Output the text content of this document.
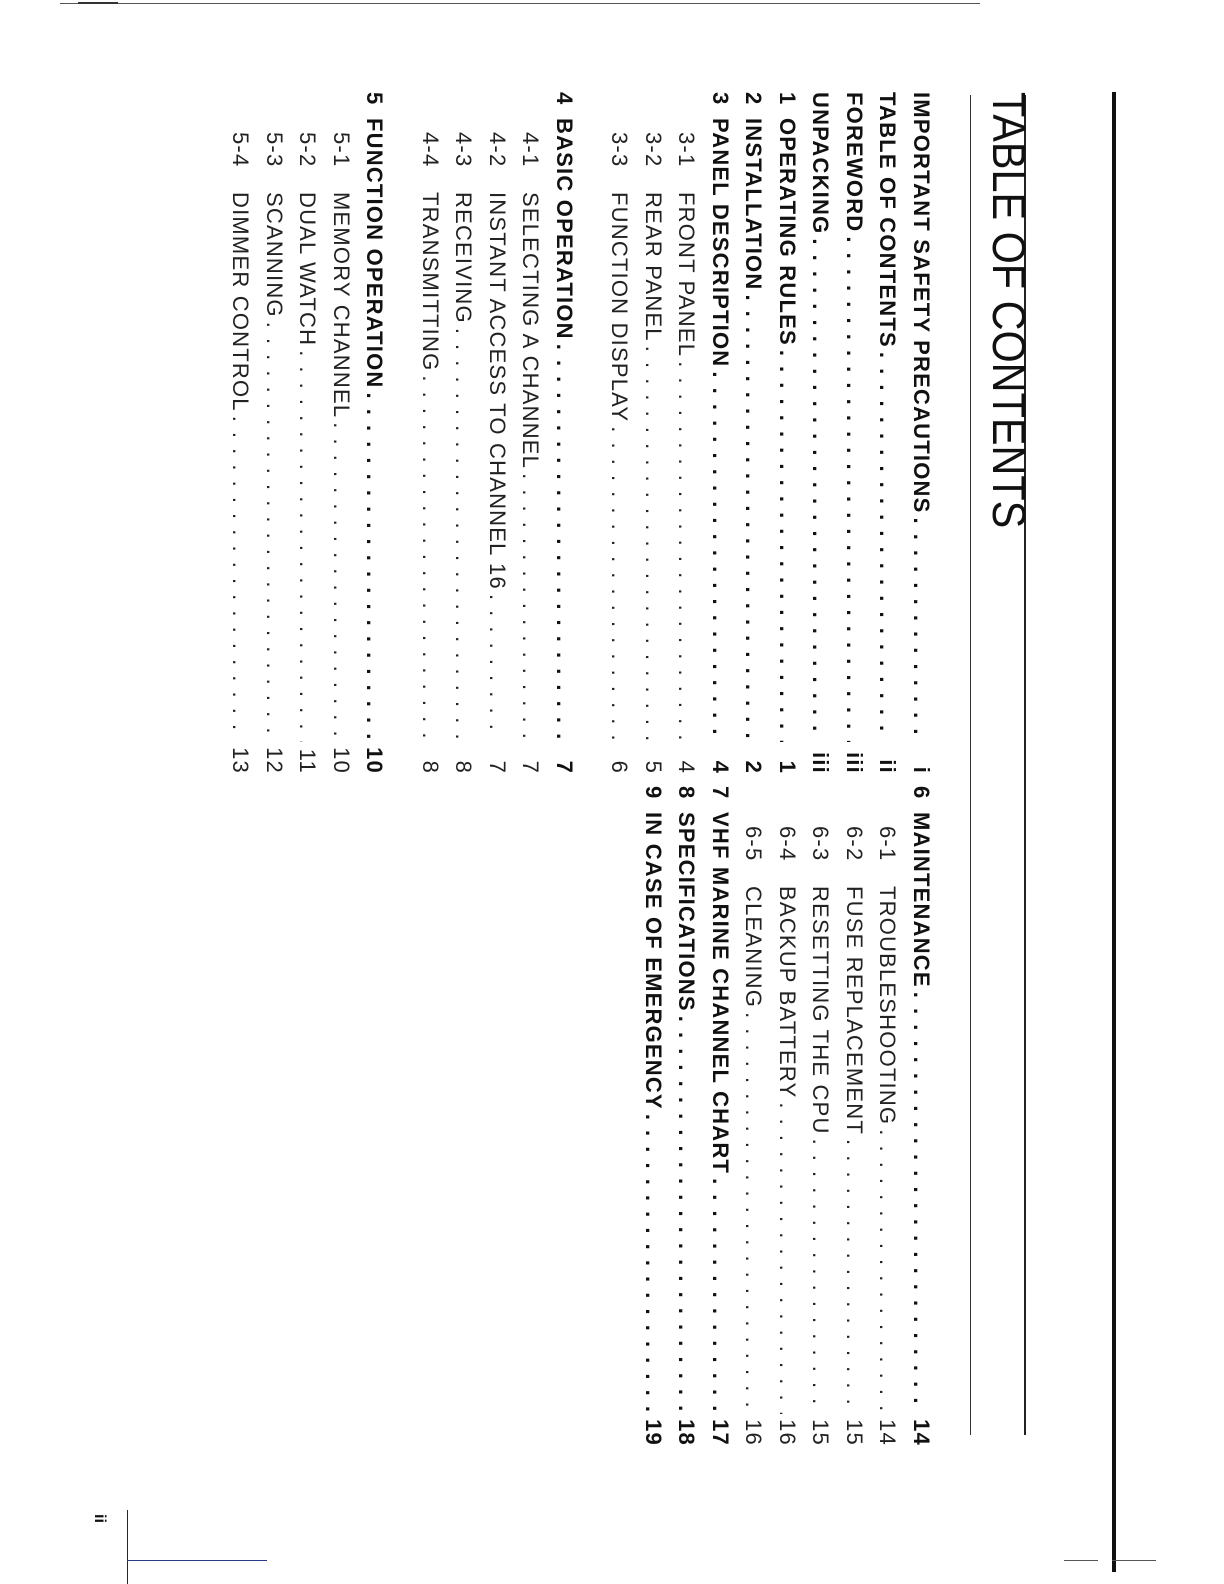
ii
TABLE OF CONTENTS
IMPORTANT SAFETY PRECAUTIONS
. . .
i
TABLE OF CONTENTS
. . .
ii
FOREWORD
. . .
iii
UNPACKING
. . .
iii
1
OPERATING RULES
. . .
1
2
INSTALLATION
. . .
2
3
PANEL DESCRIPTION
. . .
4
3-1
FRONT PANEL
. . .
4
3-2
REAR PANEL
. . .
5
3-3
FUNCTION DISPLAY
. . .
6
4
BASIC OPERATION
. . .
7
4-1
SELECTING A CHANNEL
. . .
7
4-2
INSTANT ACCESS TO CHANNEL 16
. . .
7
4-3
RECEIVING
. . .
8
4-4
TRANSMITTING
. . .
8
5
FUNCTION OPERATION
. . .
10
5-1
MEMORY CHANNEL
. . .
10
5-2
DUAL WATCH
. . .
11
5-3
SCANNING
. . .
12
5-4
DIMMER CONTROL
. . .
13
6
MAINTENANCE
. . .
14
6-1
TROUBLESHOOTING
. . .
14
6-2
FUSE REPLACEMENT
. . .
15
6-3
RESETTING THE CPU
. . .
15
6-4
BACKUP BATTERY
. . .
16
6-5
CLEANING
. . .
16
7
VHF MARINE CHANNEL CHART
. . .
17
8
SPECIFICATIONS
. . .
18
9
IN CASE OF EMERGENCY
. . .
19
